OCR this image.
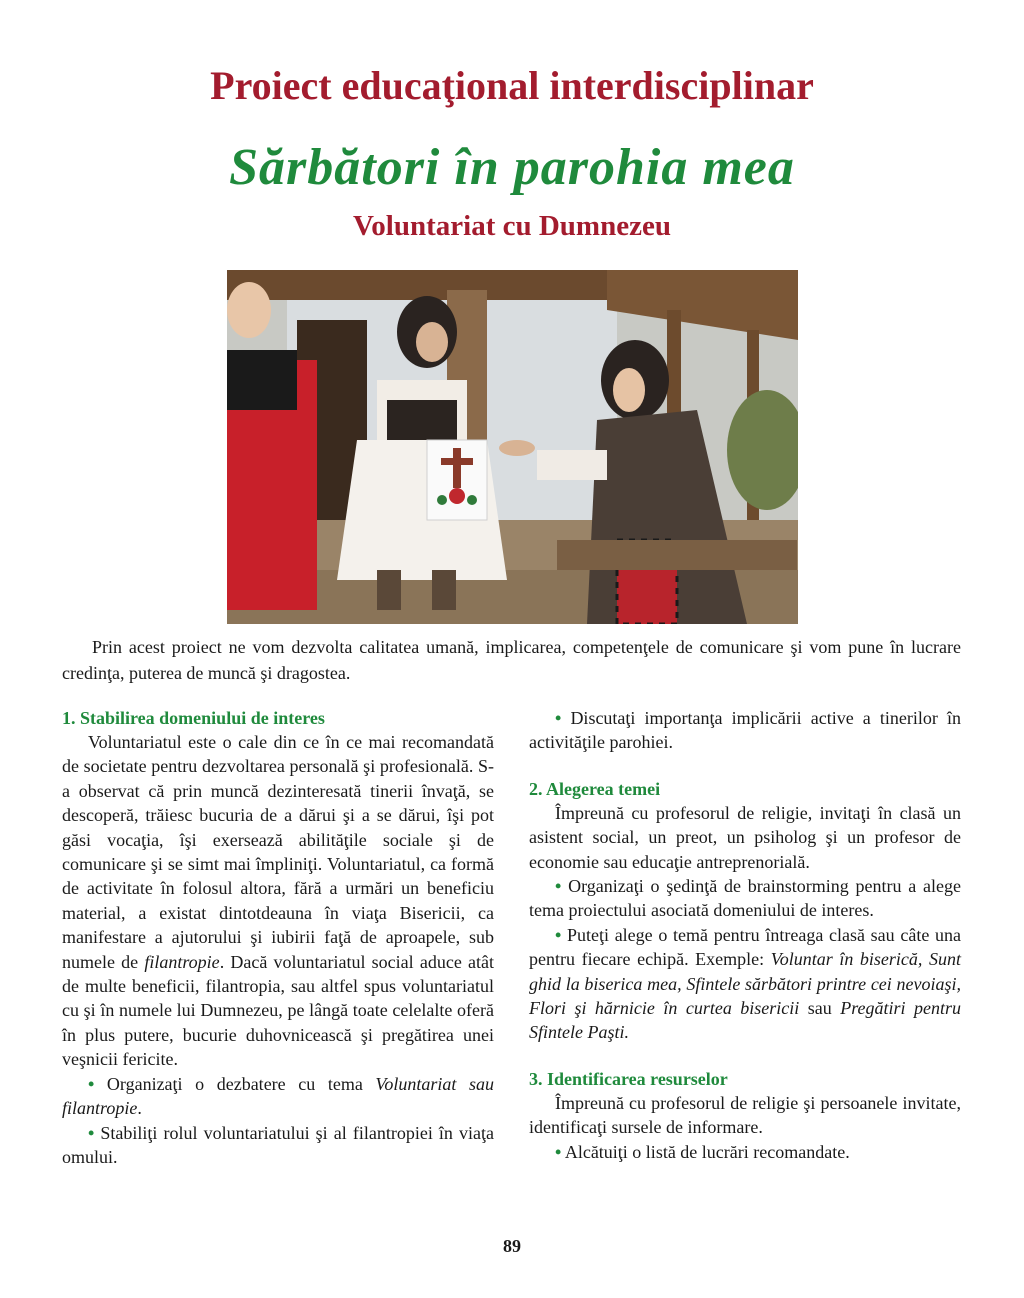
Proiect educaţional interdisciplinar
Sărbători în parohia mea
Voluntariat cu Dumnezeu

Prin acest proiect ne vom dezvolta calitatea umană, implicarea, competenţele de comunicare şi vom pune în lucrare credinţa, puterea de muncă şi dragostea.

1. Stabilirea domeniului de interes

Voluntariatul este o cale din ce în ce mai recomandată de societate pentru dezvoltarea personală şi profesională. S-a observat că prin muncă dezinteresată tinerii învaţă, se descoperă, trăiesc bucuria de a dărui şi a se dărui, îşi pot găsi vocaţia, îşi exersează abilităţile sociale şi de comunicare şi se simt mai împliniţi. Voluntariatul, ca formă de activitate în folosul altora, fără a urmări un beneficiu material, a existat dintotdeauna în viaţa Bisericii, ca manifestare a ajutorului şi iubirii faţă de aproapele, sub numele de filantropie. Dacă voluntariatul social aduce atât de multe beneficii, filantropia, sau altfel spus voluntariatul cu şi în numele lui Dumnezeu, pe lângă toate celelalte oferă în plus putere, bucurie duhovnicească şi pregătirea unei veşnicii fericite.

• Organizaţi o dezbatere cu tema Voluntariat sau filantropie.

• Stabiliţi rolul voluntariatului şi al filantropiei în viaţa omului.

• Discutaţi importanţa implicării active a tinerilor în activităţile parohiei.

2. Alegerea temei

Împreună cu profesorul de religie, invitaţi în clasă un asistent social, un preot, un psiholog şi un profesor de economie sau educaţie antreprenorială.

• Organizaţi o şedinţă de brainstorming pentru a alege tema proiectului asociată domeniului de interes.

• Puteţi alege o temă pentru întreaga clasă sau câte una pentru fiecare echipă. Exemple: Voluntar în biserică, Sunt ghid la biserica mea, Sfintele sărbători printre cei nevoiaşi, Flori şi hărnicie în curtea bisericii sau Pregătiri pentru Sfintele Paşti.

3. Identificarea resurselor

Împreună cu profesorul de religie şi persoanele invitate, identificaţi sursele de informare.

• Alcătuiţi o listă de lucrări recomandate.

89
